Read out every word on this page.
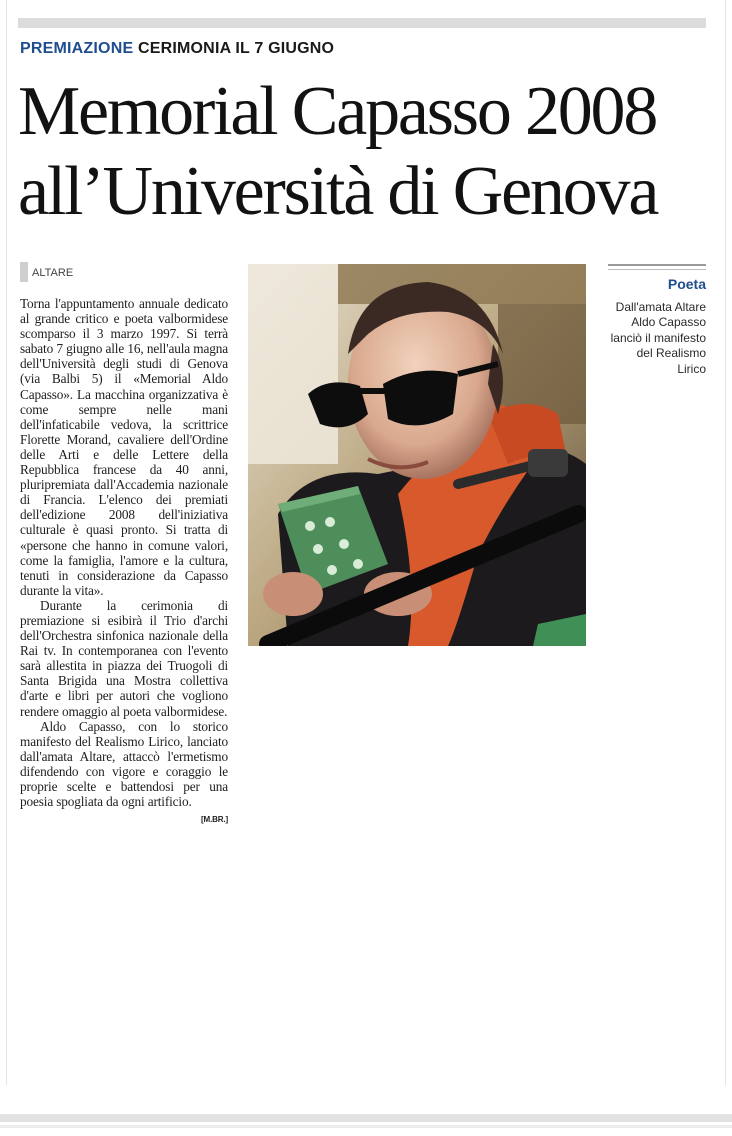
PREMIAZIONE CERIMONIA IL 7 GIUGNO
Memorial Capasso 2008
all’Università di Genova
ALTARE

Torna l'appuntamento annuale dedicato al grande critico e poeta valbormidese scomparso il 3 marzo 1997. Si terrà sabato 7 giugno alle 16, nell'aula magna dell'Università degli studi di Genova (via Balbi 5) il «Memorial Aldo Capasso». La macchina organizzativa è come sempre nelle mani dell'infaticabile vedova, la scrittrice Florette Morand, cavaliere dell'Ordine delle Arti e delle Lettere della Repubblica francese da 40 anni, pluripremiata dall'Accademia nazionale di Francia. L'elenco dei premiati dell'edizione 2008 dell'iniziativa culturale è quasi pronto. Si tratta di «persone che hanno in comune valori, come la famiglia, l'amore e la cultura, tenuti in considerazione da Capasso durante la vita».

Durante la cerimonia di premiazione si esibirà il Trio d'archi dell'Orchestra sinfonica nazionale della Rai tv. In contemporanea con l'evento sarà allestita in piazza dei Truogoli di Santa Brigida una Mostra collettiva d'arte e libri per autori che vogliono rendere omaggio al poeta valbormidese.

Aldo Capasso, con lo storico manifesto del Realismo Lirico, lanciato dall'amata Altare, attaccò l'ermetismo difendendo con vigore e coraggio le proprie scelte e battendosi per una poesia spogliata da ogni artificio.
[M.BR.]

Poeta
Dall'amata Altare Aldo Capasso lanciò il manifesto del Realismo Lirico
